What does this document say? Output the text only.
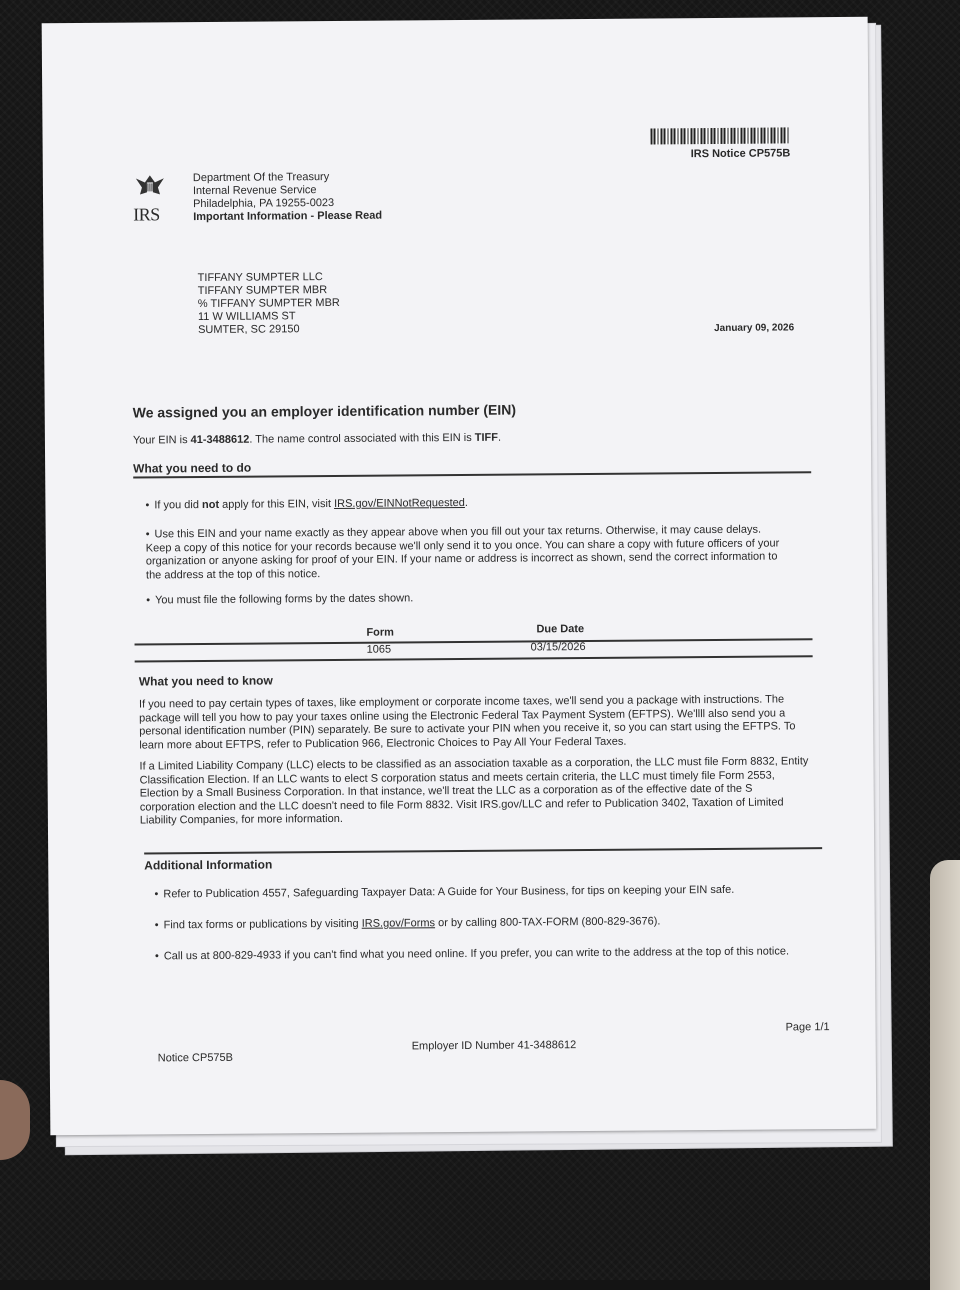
IRS Notice CP575B
IRS
Department Of the Treasury
Internal Revenue Service
Philadelphia, PA 19255-0023
Important Information - Please Read
TIFFANY SUMPTER LLC
TIFFANY SUMPTER MBR
% TIFFANY SUMPTER MBR
11 W WILLIAMS ST
SUMTER, SC 29150	January 09, 2026
We assigned you an employer identification number (EIN)
Your EIN is 41-3488612. The name control associated with this EIN is TIFF.
What you need to do
• If you did not apply for this EIN, visit IRS.gov/EINNotRequested.
• Use this EIN and your name exactly as they appear above when you fill out your tax returns. Otherwise, it may cause delays. Keep a copy of this notice for your records because we'll only send it to you once. You can share a copy with future officers of your organization or anyone asking for proof of your EIN. If your name or address is incorrect as shown, send the correct information to the address at the top of this notice.
• You must file the following forms by the dates shown.
Form	Due Date
1065	03/15/2026
What you need to know
If you need to pay certain types of taxes, like employment or corporate income taxes, we'll send you a package with instructions. The package will tell you how to pay your taxes online using the Electronic Federal Tax Payment System (EFTPS). We'llll also send you a personal identification number (PIN) separately. Be sure to activate your PIN when you receive it, so you can start using the EFTPS. To learn more about EFTPS, refer to Publication 966, Electronic Choices to Pay All Your Federal Taxes.
If a Limited Liability Company (LLC) elects to be classified as an association taxable as a corporation, the LLC must file Form 8832, Entity Classification Election. If an LLC wants to elect S corporation status and meets certain criteria, the LLC must timely file Form 2553, Election by a Small Business Corporation. In that instance, we'll treat the LLC as a corporation as of the effective date of the S corporation election and the LLC doesn't need to file Form 8832. Visit IRS.gov/LLC and refer to Publication 3402, Taxation of Limited Liability Companies, for more information.
Additional Information
• Refer to Publication 4557, Safeguarding Taxpayer Data: A Guide for Your Business, for tips on keeping your EIN safe.
• Find tax forms or publications by visiting IRS.gov/Forms or by calling 800-TAX-FORM (800-829-3676).
• Call us at 800-829-4933 if you can't find what you need online. If you prefer, you can write to the address at the top of this notice.
Notice CP575B
Employer ID Number 41-3488612
Page 1/1
